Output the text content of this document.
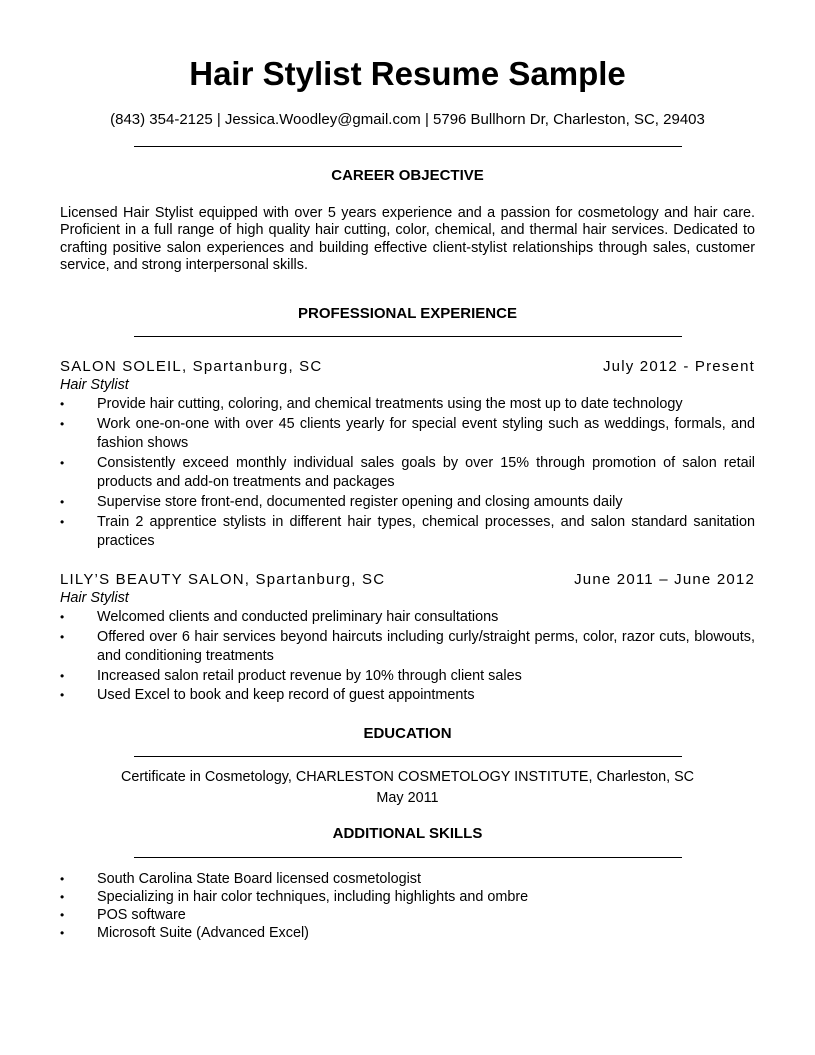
Hair Stylist Resume Sample
(843) 354-2125 | Jessica.Woodley@gmail.com | 5796 Bullhorn Dr, Charleston, SC, 29403
CAREER OBJECTIVE
Licensed Hair Stylist equipped with over 5 years experience and a passion for cosmetology and hair care. Proficient in a full range of high quality hair cutting, color, chemical, and thermal hair services. Dedicated to crafting positive salon experiences and building effective client-stylist relationships through sales, customer service, and strong interpersonal skills.
PROFESSIONAL EXPERIENCE
SALON SOLEIL, Spartanburg, SC	July 2012 - Present
Hair Stylist
• Provide hair cutting, coloring, and chemical treatments using the most up to date technology
• Work one-on-one with over 45 clients yearly for special event styling such as weddings, formals, and fashion shows
• Consistently exceed monthly individual sales goals by over 15% through promotion of salon retail products and add-on treatments and packages
• Supervise store front-end, documented register opening and closing amounts daily
• Train 2 apprentice stylists in different hair types, chemical processes, and salon standard sanitation practices
LILY’S BEAUTY SALON, Spartanburg, SC	June 2011 – June 2012
Hair Stylist
• Welcomed clients and conducted preliminary hair consultations
• Offered over 6 hair services beyond haircuts including curly/straight perms, color, razor cuts, blowouts, and conditioning treatments
• Increased salon retail product revenue by 10% through client sales
• Used Excel to book and keep record of guest appointments
EDUCATION
Certificate in Cosmetology, CHARLESTON COSMETOLOGY INSTITUTE, Charleston, SC
May 2011
ADDITIONAL SKILLS
• South Carolina State Board licensed cosmetologist
• Specializing in hair color techniques, including highlights and ombre
• POS software
• Microsoft Suite (Advanced Excel)
